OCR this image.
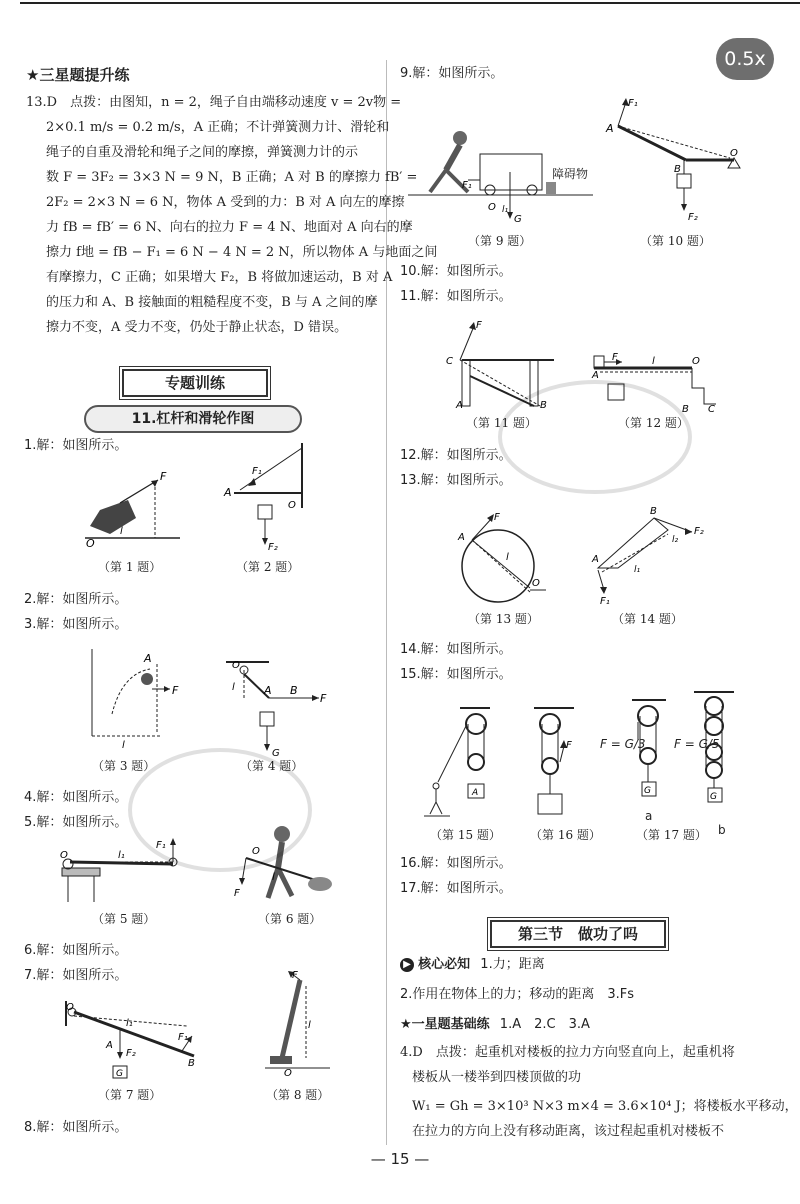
0.5x
★三星题提升练
13.D　点拨：由图知，n = 2，绳子自由端移动速度 v = 2v物 =
2×0.1 m/s = 0.2 m/s，A 正确；不计弹簧测力计、滑轮和
绳子的自重及滑轮和绳子之间的摩擦，弹簧测力计的示
数 F = 3F₂ = 3×3 N = 9 N，B 正确；A 对 B 的摩擦力 fB′ =
2F₂ = 2×3 N = 6 N，物体 A 受到的力：B 对 A 向左的摩擦
力 fB = fB′ = 6 N、向右的拉力 F = 4 N、地面对 A 向右的摩
擦力 f地 = fB − F₁ = 6 N − 4 N = 2 N，所以物体 A 与地面之间
有摩擦力，C 正确；如果增大 F₂，B 将做加速运动，B 对 A
的压力和 A、B 接触面的粗糙程度不变，B 与 A 之间的摩
擦力不变，A 受力不变，仍处于静止状态，D 错误。
专题训练
11.杠杆和滑轮作图
1.解：如图所示。
F
l
O
（第 1 题）
A
F₁
O
F₂
（第 2 题）
2.解：如图所示。
3.解：如图所示。
A
F
l
（第 3 题）
O
l	A B
F
G
（第 4 题）
4.解：如图所示。
5.解：如图所示。
F₁
l₁
O
（第 5 题）
F
O
l
（第 6 题）
6.解：如图所示。
7.解：如图所示。
G
A
l₁
F₂
F₁
B
O
（第 7 题）
F
l
O
（第 8 题）
8.解：如图所示。
9.解：如图所示。
F₁
O l₁
G
障碍物
（第 9 题）
F₁
A
O
B
F₂
（第 10 题）
10.解：如图所示。
11.解：如图所示。
F
C
A	B
（第 11 题）
A
F	l	O
B C
（第 12 题）
12.解：如图所示。
13.解：如图所示。
F
A
l
O
（第 13 题）
A
B
F₂
l₂
l₁
F₁
（第 14 题）
14.解：如图所示。
15.解：如图所示。
A
（第 15 题）
F
（第 16 题）
G
F = G/3
a
G
F = G/5
b
（第 17 题）
16.解：如图所示。
17.解：如图所示。
第三节　做功了吗
▶ 核心必知 1.力；距离
2.作用在物体上的力；移动的距离　3.Fs
★一星题基础练 1.A　2.C　3.A
4.D　点拨：起重机对楼板的拉力方向竖直向上，起重机将
楼板从一楼举到四楼顶做的功
W₁ = Gh = 3×10³ N×3 m×4 = 3.6×10⁴ J；将楼板水平移动，
在拉力的方向上没有移动距离，该过程起重机对楼板不
— 15 —
